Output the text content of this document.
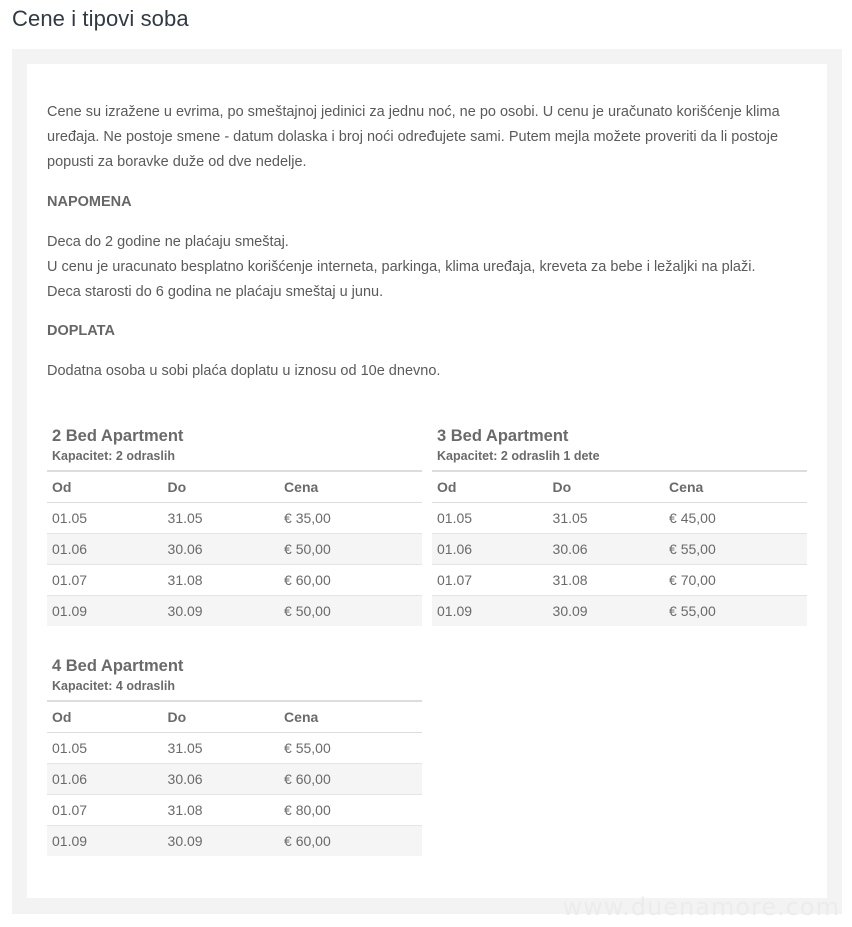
Cene i tipovi soba

Cene su izražene u evrima, po smeštajnoj jedinici za jednu noć, ne po osobi. U cenu je uračunato korišćenje klima uređaja. Ne postoje smene - datum dolaska i broj noći određujete sami. Putem mejla možete proveriti da li postoje popusti za boravke duže od dve nedelje.

NAPOMENA

Deca do 2 godine ne plaćaju smeštaj.
U cenu je uracunato besplatno korišćenje interneta, parkinga, klima uređaja, kreveta za bebe i ležaljki na plaži.
Deca starosti do 6 godina ne plaćaju smeštaj u junu.

DOPLATA

Dodatna osoba u sobi plaća doplatu u iznosu od 10e dnevno.

2 Bed Apartment
Kapacitet: 2 odraslih
Od	Do	Cena
01.05	31.05	€ 35,00
01.06	30.06	€ 50,00
01.07	31.08	€ 60,00
01.09	30.09	€ 50,00
3 Bed Apartment
Kapacitet: 2 odraslih 1 dete
Od	Do	Cena
01.05	31.05	€ 45,00
01.06	30.06	€ 55,00
01.07	31.08	€ 70,00
01.09	30.09	€ 55,00
4 Bed Apartment
Kapacitet: 4 odraslih
Od	Do	Cena
01.05	31.05	€ 55,00
01.06	30.06	€ 60,00
01.07	31.08	€ 80,00
01.09	30.09	€ 60,00
www.duenamore.com
